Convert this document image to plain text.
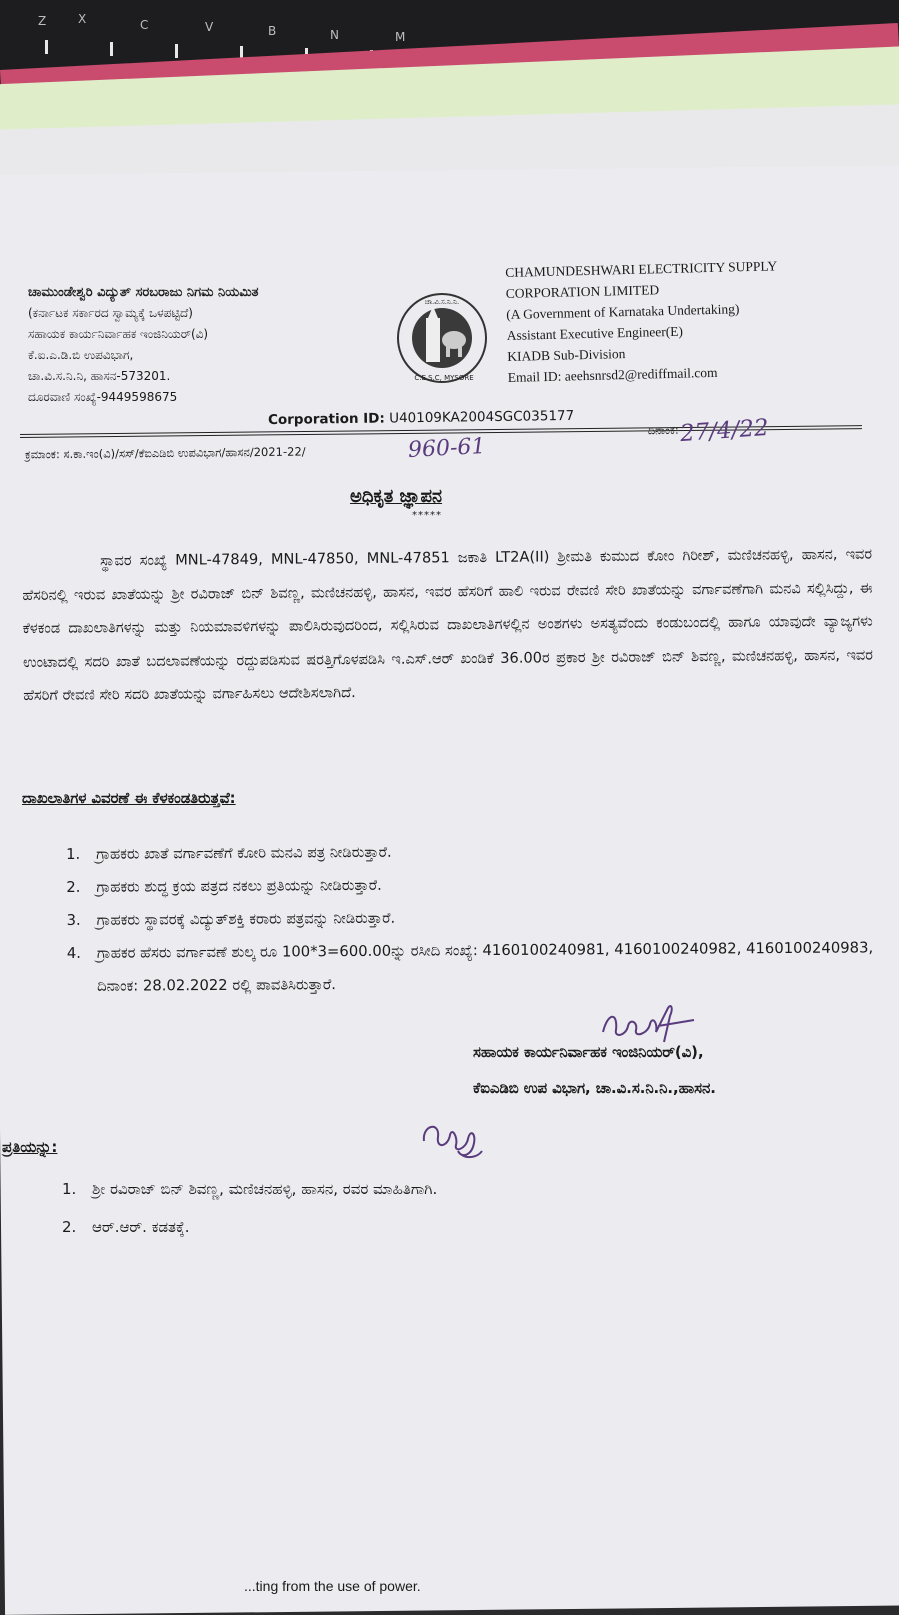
Z	X	C	V	B	N	M
ಚಾಮುಂಡೇಶ್ವರಿ ವಿದ್ಯುತ್ ಸರಬರಾಜು ನಿಗಮ ನಿಯಮಿತ
(ಕರ್ನಾಟಕ ಸರ್ಕಾರದ ಸ್ವಾಮ್ಯಕ್ಕೆ ಒಳಪಟ್ಟಿದೆ)
ಸಹಾಯಕ ಕಾರ್ಯನಿರ್ವಾಹಕ ಇಂಜಿನಿಯರ್(ವಿ)
ಕೆ.ಐ.ಎ.ಡಿ.ಬಿ ಉಪವಿಭಾಗ,
ಚಾ.ವಿ.ಸ.ನಿ.ನಿ, ಹಾಸನ-573201.
ದೂರವಾಣಿ ಸಂಖ್ಯೆ-9449598675
ಚಾ.ವಿ.ಸ.ನಿ.ನಿ.
C.E.S.C, MYSORE
CHAMUNDESHWARI ELECTRICITY SUPPLY
CORPORATION LIMITED
(A Government of Karnataka Undertaking)
Assistant Executive Engineer(E)
KIADB Sub-Division
Email ID: aeehsnrsd2@rediffmail.com
Corporation ID: U40109KA2004SGC035177
ಕ್ರಮಾಂಕ: ಸ.ಕಾ.ಇಂ(ವಿ)/ಸಸ್/ಕೆಐಎಡಿಬಿ ಉಪವಿಭಾಗ/ಹಾಸನ/2021-22/	960-61
ದಿನಾಂಕ: 27/4/22
ಅಧಿಕೃತ ಜ್ಞಾಪನ
*****
ಸ್ಥಾವರ ಸಂಖ್ಯೆ MNL-47849, MNL-47850, MNL-47851 ಜಕಾತಿ LT2A(II) ಶ್ರೀಮತಿ ಕುಮುದ ಕೋಂ ಗಿರೀಶ್, ಮಣಿಚನಹಳ್ಳಿ, ಹಾಸನ, ಇವರ ಹೆಸರಿನಲ್ಲಿ ಇರುವ ಖಾತೆಯನ್ನು ಶ್ರೀ ರವಿರಾಜ್ ಬಿನ್ ಶಿವಣ್ಣ, ಮಣಿಚನಹಳ್ಳಿ, ಹಾಸನ, ಇವರ ಹೆಸರಿಗೆ ಹಾಲಿ ಇರುವ ರೇವಣಿ ಸೇರಿ ಖಾತೆಯನ್ನು ವರ್ಗಾವಣೆಗಾಗಿ ಮನವಿ ಸಲ್ಲಿಸಿದ್ದು, ಈ ಕೆಳಕಂಡ ದಾಖಲಾತಿಗಳನ್ನು ಮತ್ತು ನಿಯಮಾವಳಿಗಳನ್ನು ಪಾಲಿಸಿರುವುದರಿಂದ, ಸಲ್ಲಿಸಿರುವ ದಾಖಲಾತಿಗಳಲ್ಲಿನ ಅಂಶಗಳು ಅಸತ್ಯವೆಂದು ಕಂಡುಬಂದಲ್ಲಿ ಹಾಗೂ ಯಾವುದೇ ವ್ಯಾಜ್ಯಗಳು ಉಂಟಾದಲ್ಲಿ ಸದರಿ ಖಾತೆ ಬದಲಾವಣೆಯನ್ನು ರದ್ದುಪಡಿಸುವ ಷರತ್ತಿಗೊಳಪಡಿಸಿ ಇ.ಎಸ್.ಆರ್ ಖಂಡಿಕೆ 36.00ರ ಪ್ರಕಾರ ಶ್ರೀ ರವಿರಾಜ್ ಬಿನ್ ಶಿವಣ್ಣ, ಮಣಿಚನಹಳ್ಳಿ, ಹಾಸನ, ಇವರ ಹೆಸರಿಗೆ ರೇವಣಿ ಸೇರಿ ಸದರಿ ಖಾತೆಯನ್ನು ವರ್ಗಾಹಿಸಲು ಆದೇಶಿಸಲಾಗಿದೆ.
ದಾಖಲಾತಿಗಳ ವಿವರಣೆ ಈ ಕೆಳಕಂಡತಿರುತ್ತವೆ:
1. ಗ್ರಾಹಕರು ಖಾತೆ ವರ್ಗಾವಣೆಗೆ ಕೋರಿ ಮನವಿ ಪತ್ರ ನೀಡಿರುತ್ತಾರೆ.
2. ಗ್ರಾಹಕರು ಶುದ್ಧ ಕ್ರಯ ಪತ್ರದ ನಕಲು ಪ್ರತಿಯನ್ನು ನೀಡಿರುತ್ತಾರೆ.
3. ಗ್ರಾಹಕರು ಸ್ಥಾವರಕ್ಕೆ ವಿದ್ಯುತ್‌ಶಕ್ತಿ ಕರಾರು ಪತ್ರವನ್ನು ನೀಡಿರುತ್ತಾರೆ.
4. ಗ್ರಾಹಕರ ಹೆಸರು ವರ್ಗಾವಣೆ ಶುಲ್ಕ ರೂ 100*3=600.00ನ್ನು ರಸೀದಿ ಸಂಖ್ಯೆ: 4160100240981, 4160100240982, 4160100240983, ದಿನಾಂಕ: 28.02.2022 ರಲ್ಲಿ ಪಾವತಿಸಿರುತ್ತಾರೆ.
ಸಹಾಯಕ ಕಾರ್ಯನಿರ್ವಾಹಕ ಇಂಜಿನಿಯರ್(ವಿ),
ಕೆಐಎಡಿಬಿ ಉಪ ವಿಭಾಗ, ಚಾ.ವಿ.ಸ.ನಿ.ನಿ.,ಹಾಸನ.
ಪ್ರತಿಯನ್ನು:
1. ಶ್ರೀ ರವಿರಾಜ್ ಬಿನ್ ಶಿವಣ್ಣ, ಮಣಿಚನಹಳ್ಳಿ, ಹಾಸನ, ರವರ ಮಾಹಿತಿಗಾಗಿ.
2. ಆರ್.ಆರ್. ಕಡತಕ್ಕೆ.
...ting from the use of power.
